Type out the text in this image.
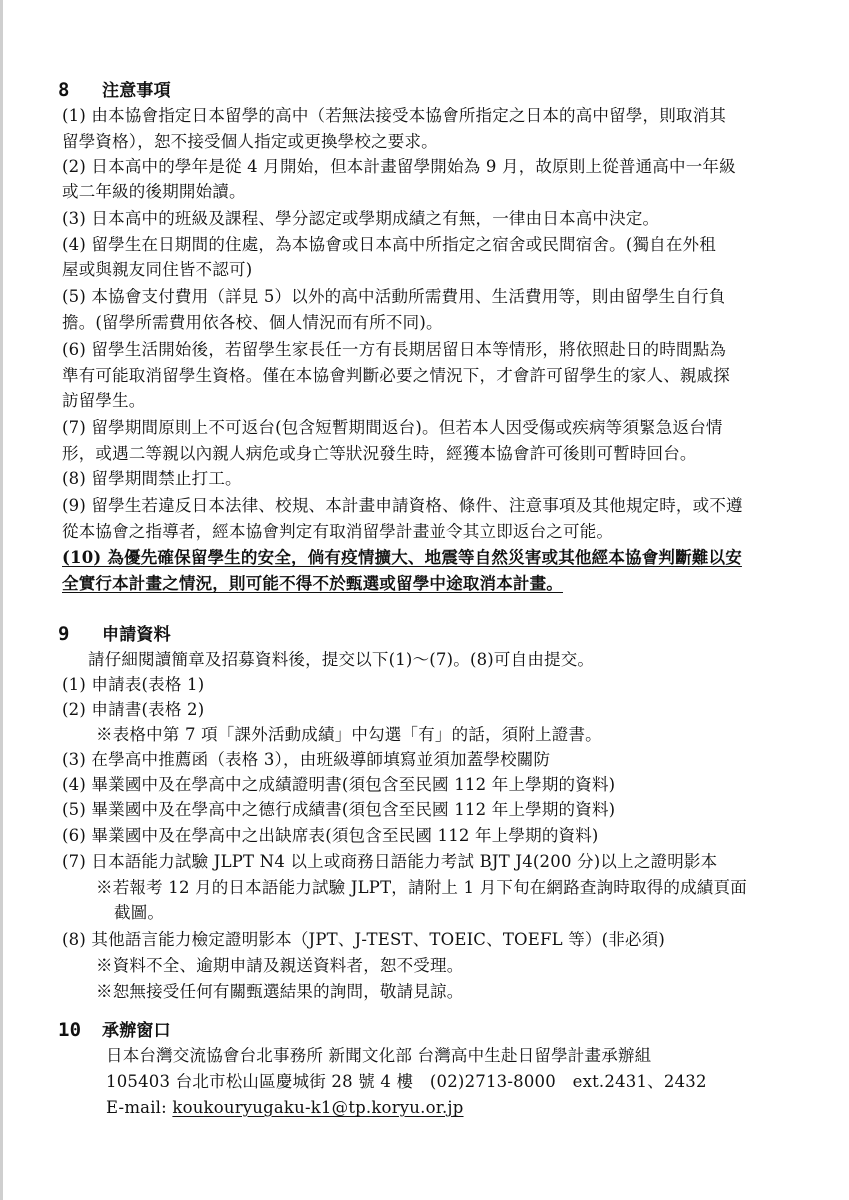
8 注意事項
(1) 由本協會指定日本留學的高中（若無法接受本協會所指定之日本的高中留學，則取消其
留學資格），恕不接受個人指定或更換學校之要求。
(2) 日本高中的學年是從 4 月開始，但本計畫留學開始為 9 月，故原則上從普通高中一年級
或二年級的後期開始讀。
(3) 日本高中的班級及課程、學分認定或學期成績之有無，一律由日本高中決定。
(4) 留學生在日期間的住處，為本協會或日本高中所指定之宿舍或民間宿舍。(獨自在外租
屋或與親友同住皆不認可)
(5) 本協會支付費用（詳見 5）以外的高中活動所需費用、生活費用等，則由留學生自行負
擔。(留學所需費用依各校、個人情況而有所不同)。
(6) 留學生活開始後，若留學生家長任一方有長期居留日本等情形，將依照赴日的時間點為
準有可能取消留學生資格。僅在本協會判斷必要之情況下，才會許可留學生的家人、親戚探
訪留學生。
(7) 留學期間原則上不可返台(包含短暫期間返台)。但若本人因受傷或疾病等須緊急返台情
形，或遇二等親以內親人病危或身亡等狀況發生時，經獲本協會許可後則可暫時回台。
(8) 留學期間禁止打工。
(9) 留學生若違反日本法律、校規、本計畫申請資格、條件、注意事項及其他規定時，或不遵
從本協會之指導者，經本協會判定有取消留學計畫並令其立即返台之可能。
(10) 為優先確保留學生的安全，倘有疫情擴大、地震等自然災害或其他經本協會判斷難以安
全實行本計畫之情況，則可能不得不於甄選或留學中途取消本計畫。
9 申請資料
請仔細閱讀簡章及招募資料後，提交以下(1)～(7)。(8)可自由提交。
(1) 申請表(表格 1)
(2) 申請書(表格 2)
※表格中第 7 項「課外活動成績」中勾選「有」的話，須附上證書。
(3) 在學高中推薦函（表格 3），由班級導師填寫並須加蓋學校關防
(4) 畢業國中及在學高中之成績證明書(須包含至民國 112 年上學期的資料)
(5) 畢業國中及在學高中之德行成績書(須包含至民國 112 年上學期的資料)
(6) 畢業國中及在學高中之出缺席表(須包含至民國 112 年上學期的資料)
(7) 日本語能力試驗 JLPT N4 以上或商務日語能力考試 BJT J4(200 分)以上之證明影本
※若報考 12 月的日本語能力試驗 JLPT，請附上 1 月下旬在網路查詢時取得的成績頁面
截圖。
(8) 其他語言能力檢定證明影本（JPT、J-TEST、TOEIC、TOEFL 等）(非必須)
※資料不全、逾期申請及親送資料者，恕不受理。
※恕無接受任何有關甄選結果的詢問，敬請見諒。
10 承辦窗口
日本台灣交流協會台北事務所 新聞文化部 台灣高中生赴日留學計畫承辦組
105403 台北市松山區慶城街 28 號 4 樓　(02)2713-8000　ext.2431、2432
E-mail: koukouryugaku-k1@tp.koryu.or.jp
